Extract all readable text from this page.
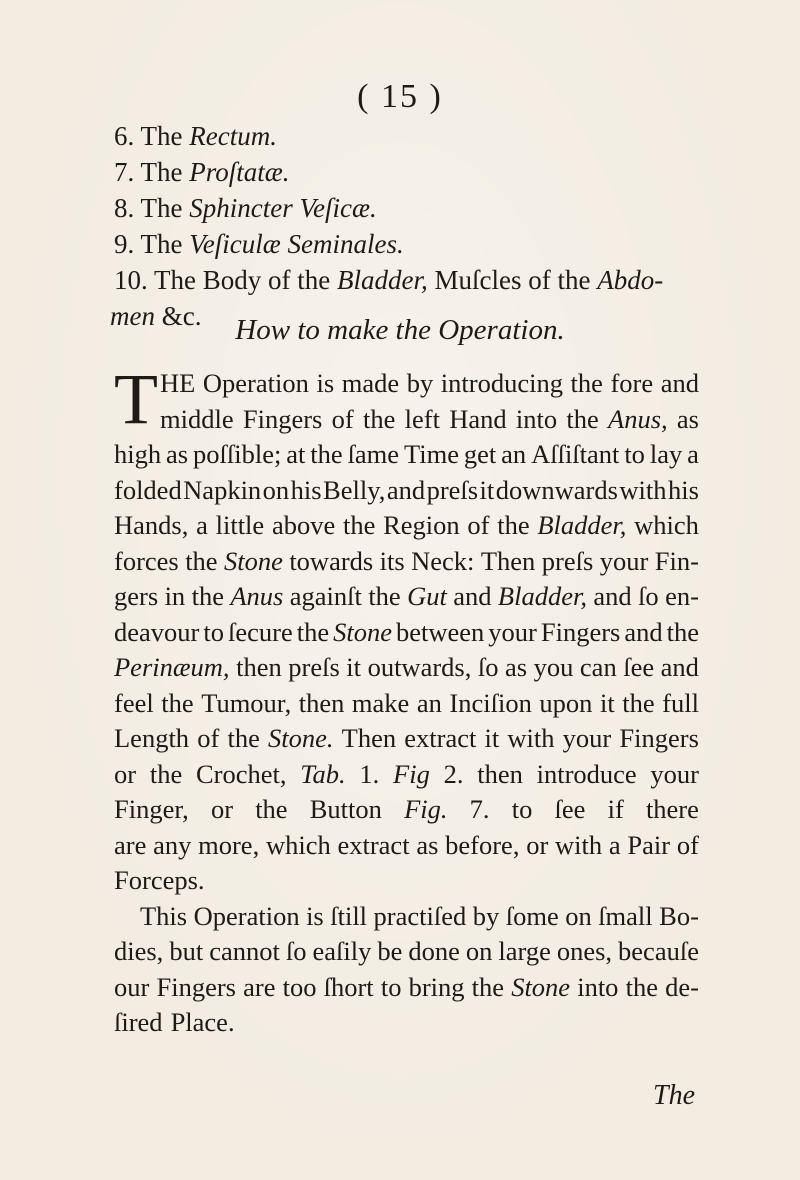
( 15 )
6. The Rectum.
7. The Proſtatæ.
8. The Sphincter Veſicæ.
9. The Veſiculæ Seminales.
10. The Body of the Bladder, Muſcles of the Abdo-
men &c.	How to make the Operation.
HE Operation is made by introducing the fore and
T middle Fingers of the left Hand into the Anus, as
high as poſſible; at the ſame Time get an Aſſiſtant to lay a
folded Napkin on his Belly, and preſs it downwards with his
Hands, a little above the Region of the Bladder, which
forces the Stone towards its Neck: Then preſs your Fin-
gers in the Anus againſt the Gut and Bladder, and ſo en-
deavour to ſecure the Stone between your Fingers and the
Perinæum, then preſs it outwards, ſo as you can ſee and
feel the Tumour, then make an Inciſion upon it the full
Length of the Stone. Then extract it with your Fingers
or the Crochet, Tab. 1. Fig 2. then introduce your
Finger, or the Button Fig. 7. to ſee if there
are any more, which extract as before, or with a Pair of
Forceps.
This Operation is ſtill practiſed by ſome on ſmall Bo-
dies, but cannot ſo eaſily be done on large ones, becauſe
our Fingers are too ſhort to bring the Stone into the de-
ſired Place.
The
